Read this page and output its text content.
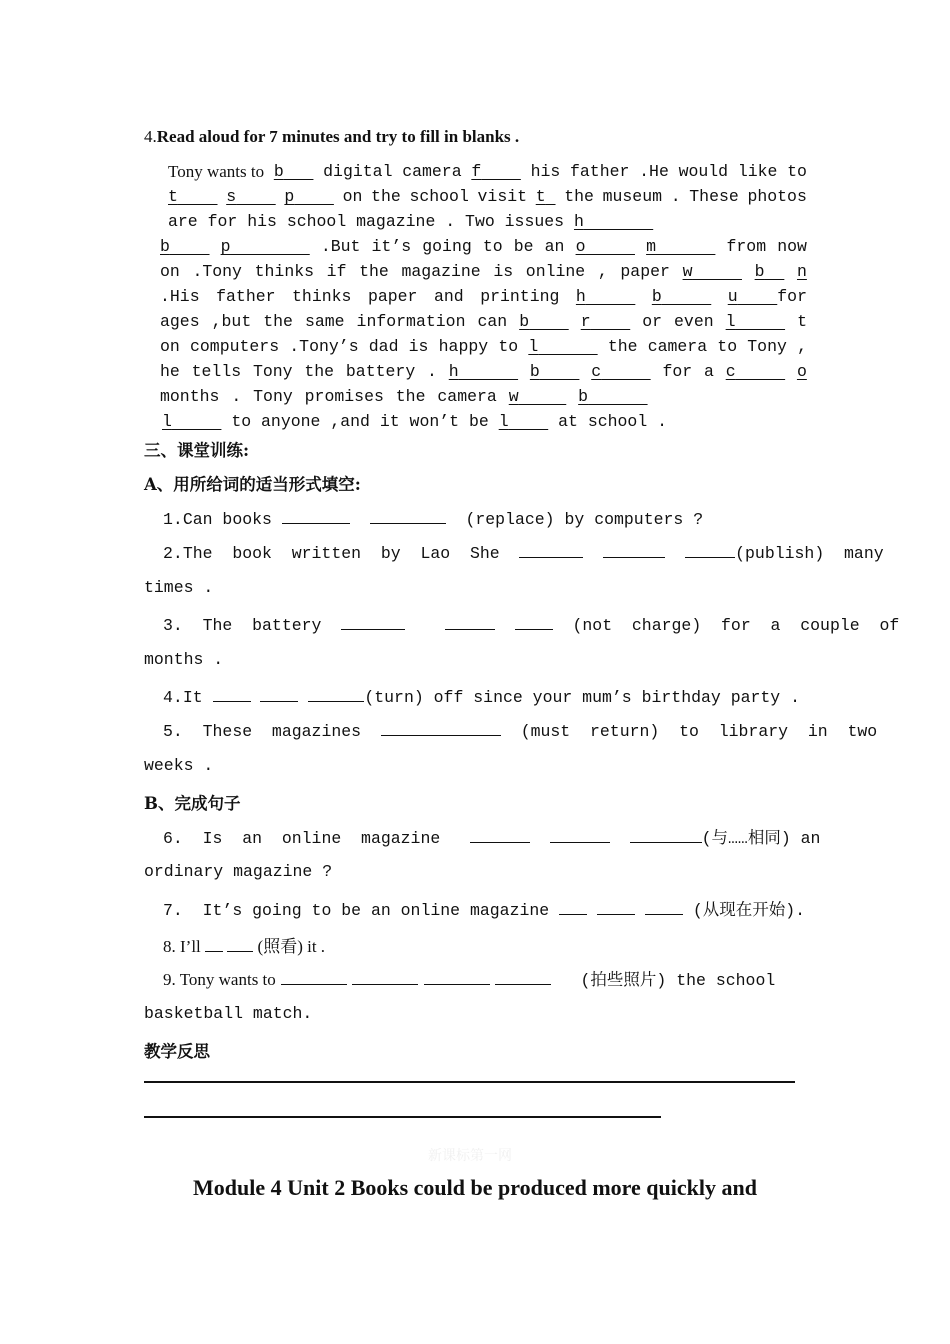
4.Read aloud for 7 minutes and try to fill in blanks .
Tony wants to b	digital camera f	his father .He would like to
t	s	p	on the school visit t	the museum . These photos
are for his school magazine . Two issues h
b	p	.But it’s going to be an o	m	from now
on .Tony thinks if the magazine is online , paper w	b	n
.His father thinks paper and printing h	b	u for
ages ,but the same information can b	r	or even l	t
on computers .Tony’s dad is happy to l	the camera to Tony ,
he tells Tony the battery . h	b	c	for a c	o
months . Tony promises the camera w	b
l	to anyone ,and it won’t be l	at school .
三、课堂训练:
A、用所给词的适当形式填空:
1.Can books	(replace) by computers ?
2.The  book  written  by  Lao  She	(publish)  many
times .
3. The  battery	(not  charge)  for  a  couple  of
months .
4.It	(turn) off since your mum’s birthday party .
5. These  magazines	(must  return)  to  library  in  two
weeks .
B、完成句子
6. Is  an  online  magazine	(与……相同) an
ordinary magazine ?
7. It’s going to be an online magazine	(从现在开始).
8. I’ll	(照看) it .
9. Tony wants to	(拍些照片) the school
basketball match.
教学反思
新课标第一网
Module 4 Unit 2 Books could be produced more quickly and
